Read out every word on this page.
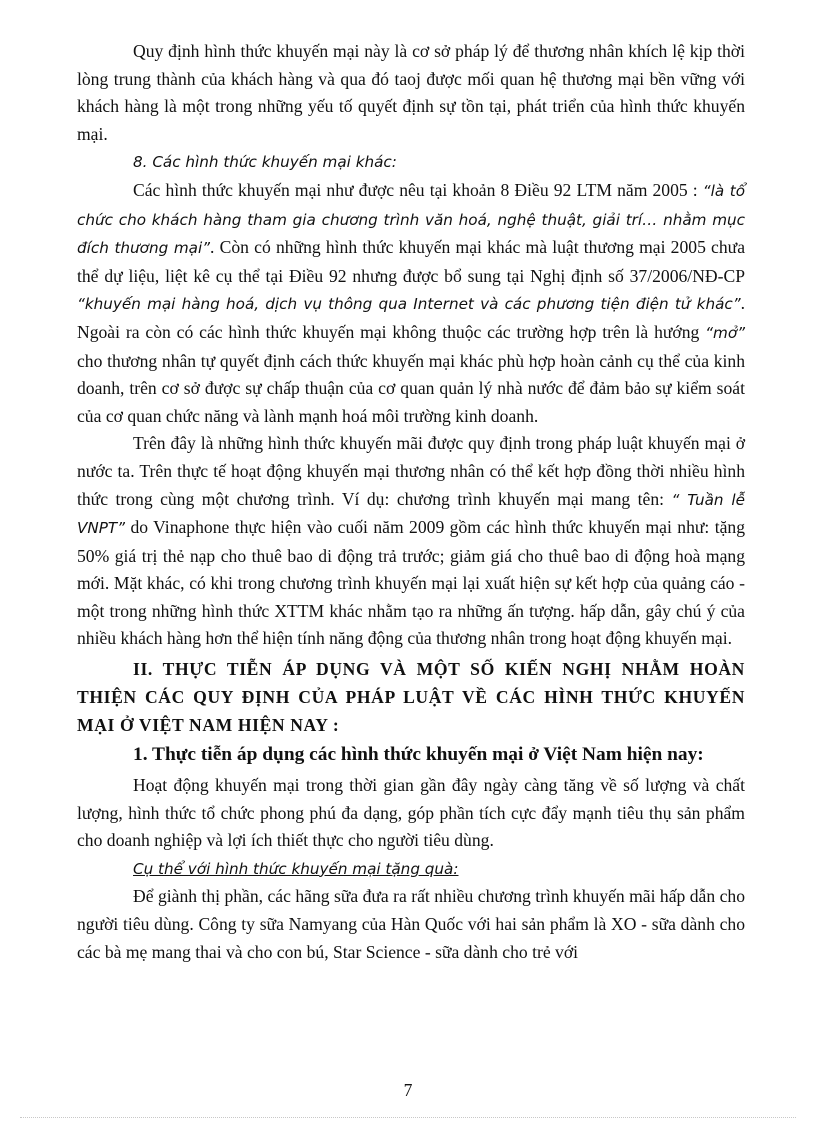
Quy định hình thức khuyến mại này là cơ sở pháp lý để thương nhân khích lệ kịp thời lòng trung thành của khách hàng và qua đó taoj được mối quan hệ thương mại bền vững với khách hàng là một trong những yếu tố quyết định sự tồn tại, phát triển của hình thức khuyến mại.

8. Các hình thức khuyến mại khác:

Các hình thức khuyến mại như được nêu tại khoản 8 Điều 92 LTM năm 2005 : “là tổ chức cho khách hàng tham gia chương trình văn hoá, nghệ thuật, giải trí… nhằm mục đích thương mại”. Còn có những hình thức khuyến mại khác mà luật thương mại 2005 chưa thể dự liệu, liệt kê cụ thể tại Điều 92 nhưng được bổ sung tại Nghị định số 37/2006/NĐ-CP “khuyến mại hàng hoá, dịch vụ thông qua Internet và các phương tiện điện tử khác”. Ngoài ra còn có các hình thức khuyến mại không thuộc các trường hợp trên là hướng “mở” cho thương nhân tự quyết định cách thức khuyến mại khác phù hợp hoàn cảnh cụ thể của kinh doanh, trên cơ sở được sự chấp thuận của cơ quan quản lý nhà nước để đảm bảo sự kiểm soát của cơ quan chức năng và lành mạnh hoá môi trường kinh doanh.

Trên đây là những hình thức khuyến mãi được quy định trong pháp luật khuyến mại ở nước ta. Trên thực tế hoạt động khuyến mại thương nhân có thể kết hợp đồng thời nhiều hình thức trong cùng một chương trình. Ví dụ: chương trình khuyến mại mang tên: “ Tuần lễ VNPT” do Vinaphone thực hiện vào cuối năm 2009 gồm các hình thức khuyến mại như: tặng 50% giá trị thẻ nạp cho thuê bao di động trả trước; giảm giá cho thuê bao di động hoà mạng mới. Mặt khác, có khi trong chương trình khuyến mại lại xuất hiện sự kết hợp của quảng cáo - một trong những hình thức XTTM khác nhằm tạo ra những ấn tượng. hấp dẫn, gây chú ý của nhiều khách hàng hơn thể hiện tính năng động của thương nhân trong hoạt động khuyến mại.

II. THỰC TIỄN ÁP DỤNG VÀ MỘT SỐ KIẾN NGHỊ NHẰM HOÀN THIỆN CÁC QUY ĐỊNH CỦA PHÁP LUẬT VỀ CÁC HÌNH THỨC KHUYẾN MẠI Ở VIỆT NAM HIỆN NAY :

1. Thực tiễn áp dụng các hình thức khuyến mại ở Việt Nam hiện nay:

Hoạt động khuyến mại trong thời gian gần đây ngày càng tăng về số lượng và chất lượng, hình thức tổ chức phong phú đa dạng, góp phần tích cực đẩy mạnh tiêu thụ sản phẩm cho doanh nghiệp và lợi ích thiết thực cho người tiêu dùng.

Cụ thể với hình thức khuyến mại tặng quà:

Để giành thị phần, các hãng sữa đưa ra rất nhiều chương trình khuyến mãi hấp dẫn cho người tiêu dùng. Công ty sữa Namyang của Hàn Quốc với hai sản phẩm là XO - sữa dành cho các bà mẹ mang thai và cho con bú, Star Science - sữa dành cho trẻ với

7
